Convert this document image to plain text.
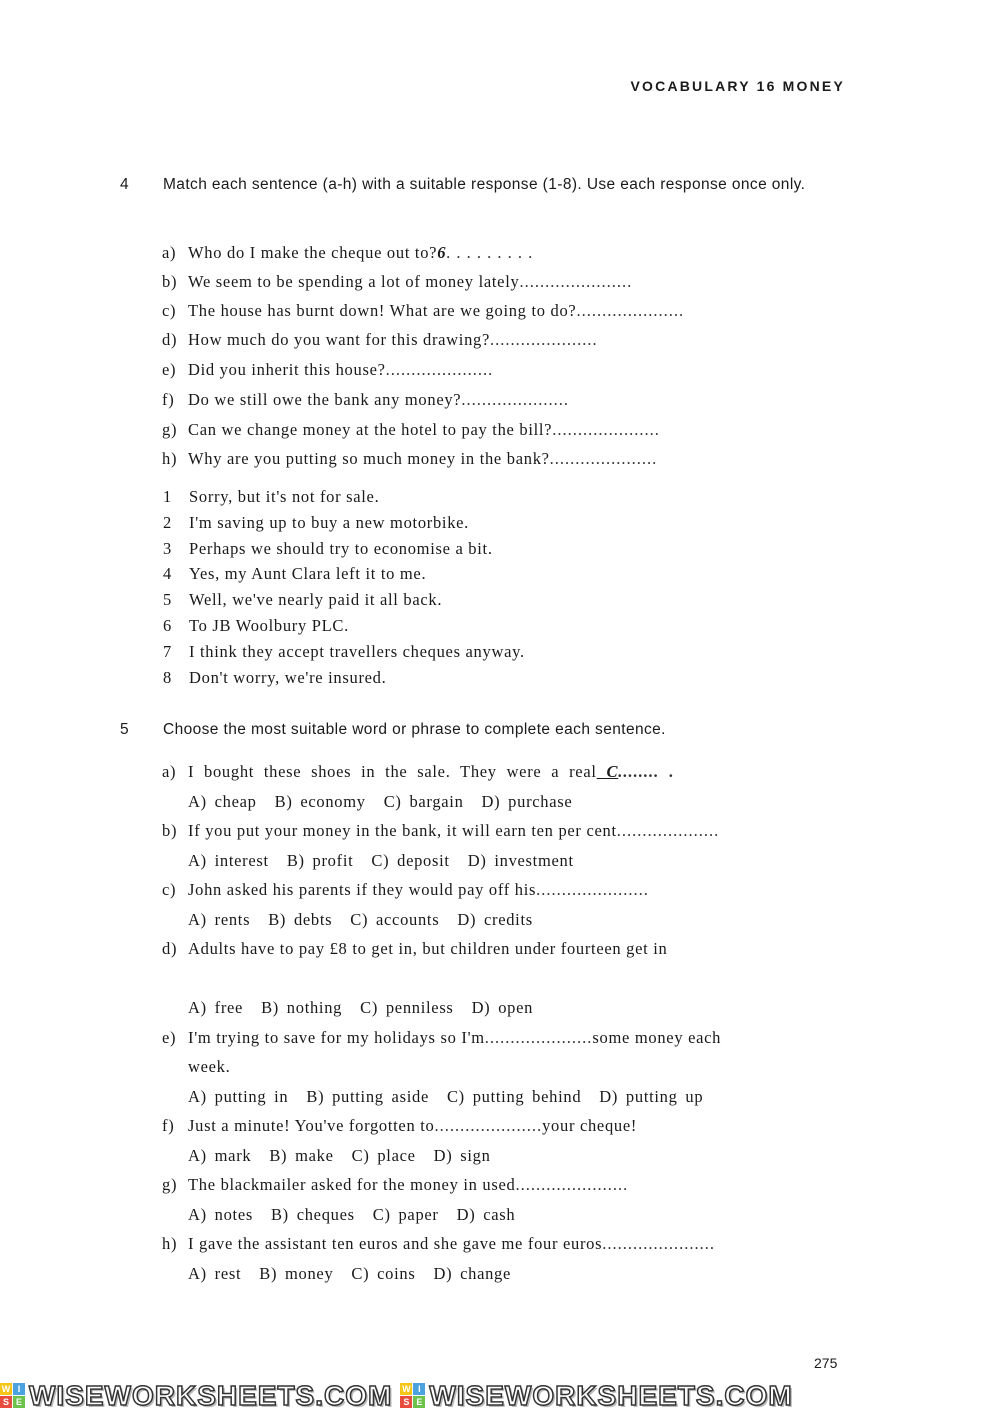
VOCABULARY 16 MONEY
4 Match each sentence (a-h) with a suitable response (1-8). Use each response once only.
a) Who do I make the cheque out to?6. . . . . . . . .
b) We seem to be spending a lot of money lately......................
c) The house has burnt down! What are we going to do?.....................
d) How much do you want for this drawing?.....................
e) Did you inherit this house?.....................
f) Do we still owe the bank any money?.....................
g) Can we change money at the hotel to pay the bill?.....................
h) Why are you putting so much money in the bank?.....................
1 Sorry, but it's not for sale.
2 I'm saving up to buy a new motorbike.
3 Perhaps we should try to economise a bit.
4 Yes, my Aunt Clara left it to me.
5 Well, we've nearly paid it all back.
6 To JB Woolbury PLC.
7 I think they accept travellers cheques anyway.
8 Don't worry, we're insured.
5 Choose the most suitable word or phrase to complete each sentence.
a) I bought these shoes in the sale. They were a real C........ .
A) cheap B) economy C) bargain D) purchase
b) If you put your money in the bank, it will earn ten per cent....................
A) interest B) profit C) deposit D) investment
c) John asked his parents if they would pay off his......................
A) rents B) debts C) accounts D) credits
d) Adults have to pay £8 to get in, but children under fourteen get in
A) free B) nothing C) penniless D) open
e) I'm trying to save for my holidays so I'm.....................some money each
week.
A) putting in B) putting aside C) putting behind D) putting up
f) Just a minute! You've forgotten to.....................your cheque!
A) mark B) make C) place D) sign
g) The blackmailer asked for the money in used......................
A) notes B) cheques C) paper D) cash
h) I gave the assistant ten euros and she gave me four euros......................
A) rest B) money C) coins D) change
275
W I
S E WISEWORKSHEETS.COM W I
S E WISEWORKSHEETS.COM
